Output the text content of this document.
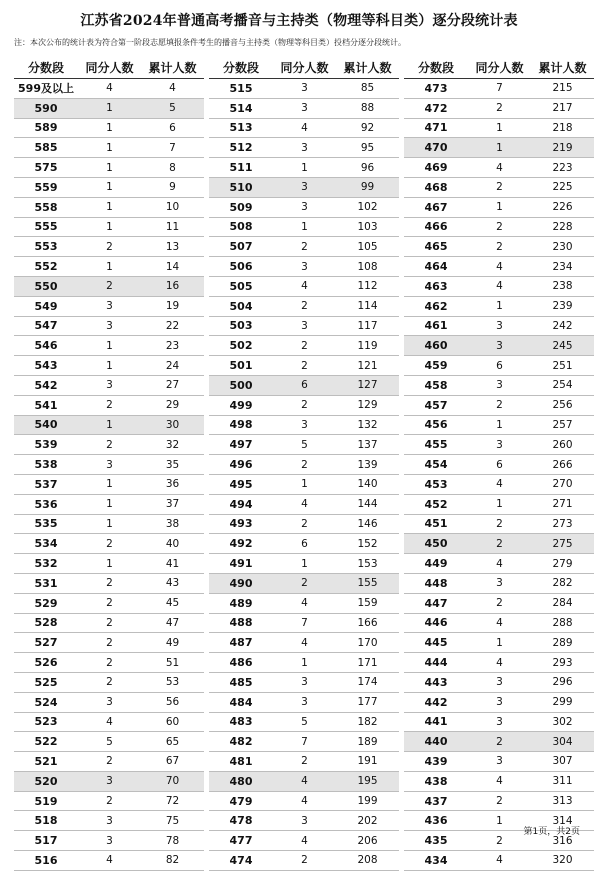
江苏省2024年普通高考播音与主持类（物理等科目类）逐分段统计表
注：本次公布的统计表为符合第一阶段志愿填报条件考生的播音与主持类（物理等科目类）投档分逐分段统计。
分数段	同分人数	累计人数
599及以上	4	4
590	1	5
589	1	6
585	1	7
575	1	8
559	1	9
558	1	10
555	1	11
553	2	13
552	1	14
550	2	16
549	3	19
547	3	22
546	1	23
543	1	24
542	3	27
541	2	29
540	1	30
539	2	32
538	3	35
537	1	36
536	1	37
535	1	38
534	2	40
532	1	41
531	2	43
529	2	45
528	2	47
527	2	49
526	2	51
525	2	53
524	3	56
523	4	60
522	5	65
521	2	67
520	3	70
519	2	72
518	3	75
517	3	78
516	4	82
分数段	同分人数	累计人数
515	3	85
514	3	88
513	4	92
512	3	95
511	1	96
510	3	99
509	3	102
508	1	103
507	2	105
506	3	108
505	4	112
504	2	114
503	3	117
502	2	119
501	2	121
500	6	127
499	2	129
498	3	132
497	5	137
496	2	139
495	1	140
494	4	144
493	2	146
492	6	152
491	1	153
490	2	155
489	4	159
488	7	166
487	4	170
486	1	171
485	3	174
484	3	177
483	5	182
482	7	189
481	2	191
480	4	195
479	4	199
478	3	202
477	4	206
474	2	208
分数段	同分人数	累计人数
473	7	215
472	2	217
471	1	218
470	1	219
469	4	223
468	2	225
467	1	226
466	2	228
465	2	230
464	4	234
463	4	238
462	1	239
461	3	242
460	3	245
459	6	251
458	3	254
457	2	256
456	1	257
455	3	260
454	6	266
453	4	270
452	1	271
451	2	273
450	2	275
449	4	279
448	3	282
447	2	284
446	4	288
445	1	289
444	4	293
443	3	296
442	3	299
441	3	302
440	2	304
439	3	307
438	4	311
437	2	313
436	1	314
435	2	316
434	4	320
第1页，共2页
